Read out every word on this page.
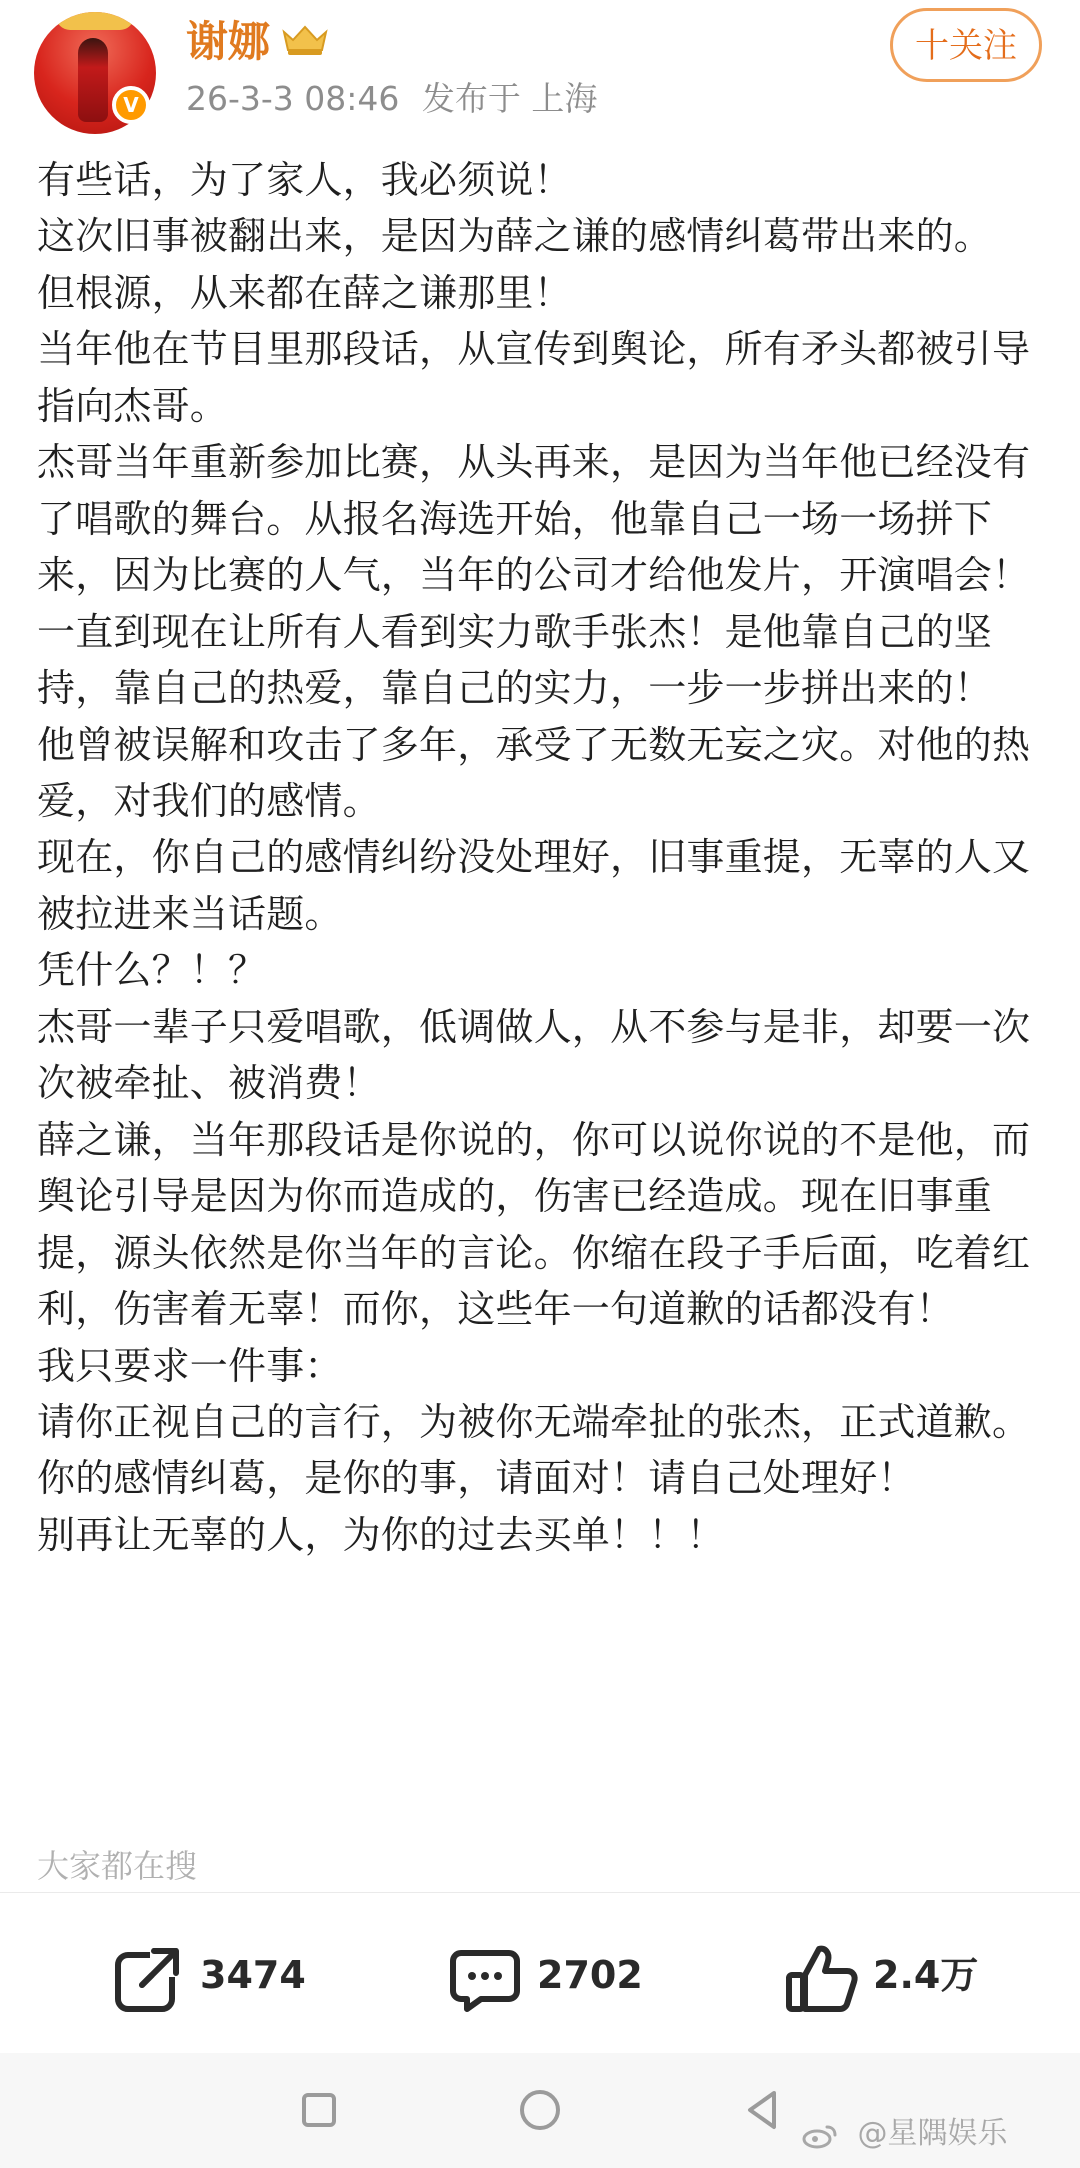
V
谢娜
26-3-3 08:46 发布于 上海
十关注

有些话，为了家人，我必须说！

这次旧事被翻出来，是因为薛之谦的感情纠葛带出来的。

但根源，从来都在薛之谦那里！

当年他在节目里那段话，从宣传到舆论，所有矛头都被引导指向杰哥。

杰哥当年重新参加比赛，从头再来，是因为当年他已经没有了唱歌的舞台。从报名海选开始，他靠自己一场一场拼下来，因为比赛的人气，当年的公司才给他发片，开演唱会！一直到现在让所有人看到实力歌手张杰！是他靠自己的坚持，靠自己的热爱，靠自己的实力，一步一步拼出来的！

他曾被误解和攻击了多年，承受了无数无妄之灾。对他的热爱，对我们的感情。

现在，你自己的感情纠纷没处理好，旧事重提，无辜的人又被拉进来当话题。

凭什么？！？

杰哥一辈子只爱唱歌，低调做人，从不参与是非，却要一次次被牵扯、被消费！

薛之谦，当年那段话是你说的，你可以说你说的不是他，而舆论引导是因为你而造成的，伤害已经造成。现在旧事重提，源头依然是你当年的言论。你缩在段子手后面，吃着红利，伤害着无辜！而你，这些年一句道歉的话都没有！

我只要求一件事：

请你正视自己的言行，为被你无端牵扯的张杰，正式道歉。

你的感情纠葛，是你的事，请面对！请自己处理好！

别再让无辜的人，为你的过去买单！！！

大家都在搜
3474	2702	2.4万
@星隅娱乐
